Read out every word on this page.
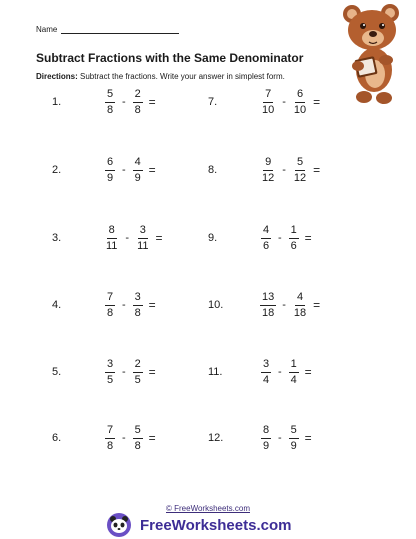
Name
Subtract Fractions with the Same Denominator
Directions: Subtract the fractions. Write your answer in simplest form.
1.	$\frac{5}{8} - \frac{2}{8}$ =
2.	$\frac{6}{9} - \frac{4}{9}$ =
3.	$\frac{8}{11} - \frac{3}{11}$ =
4.	$\frac{7}{8} - \frac{3}{8}$ =
5.	$\frac{3}{5} - \frac{2}{5}$ =
6.	$\frac{7}{8} - \frac{5}{8}$ =
7.	$\frac{7}{10} - \frac{6}{10}$ =
8.	$\frac{9}{12} - \frac{5}{12}$ =
9.	$\frac{4}{6} - \frac{1}{6}$ =
10.	$\frac{13}{18} - \frac{4}{18}$ =
11.	$\frac{3}{4} - \frac{1}{4}$ =
12.	$\frac{8}{9} - \frac{5}{9}$ =
© FreeWorksheets.com
FreeWorksheets.com
